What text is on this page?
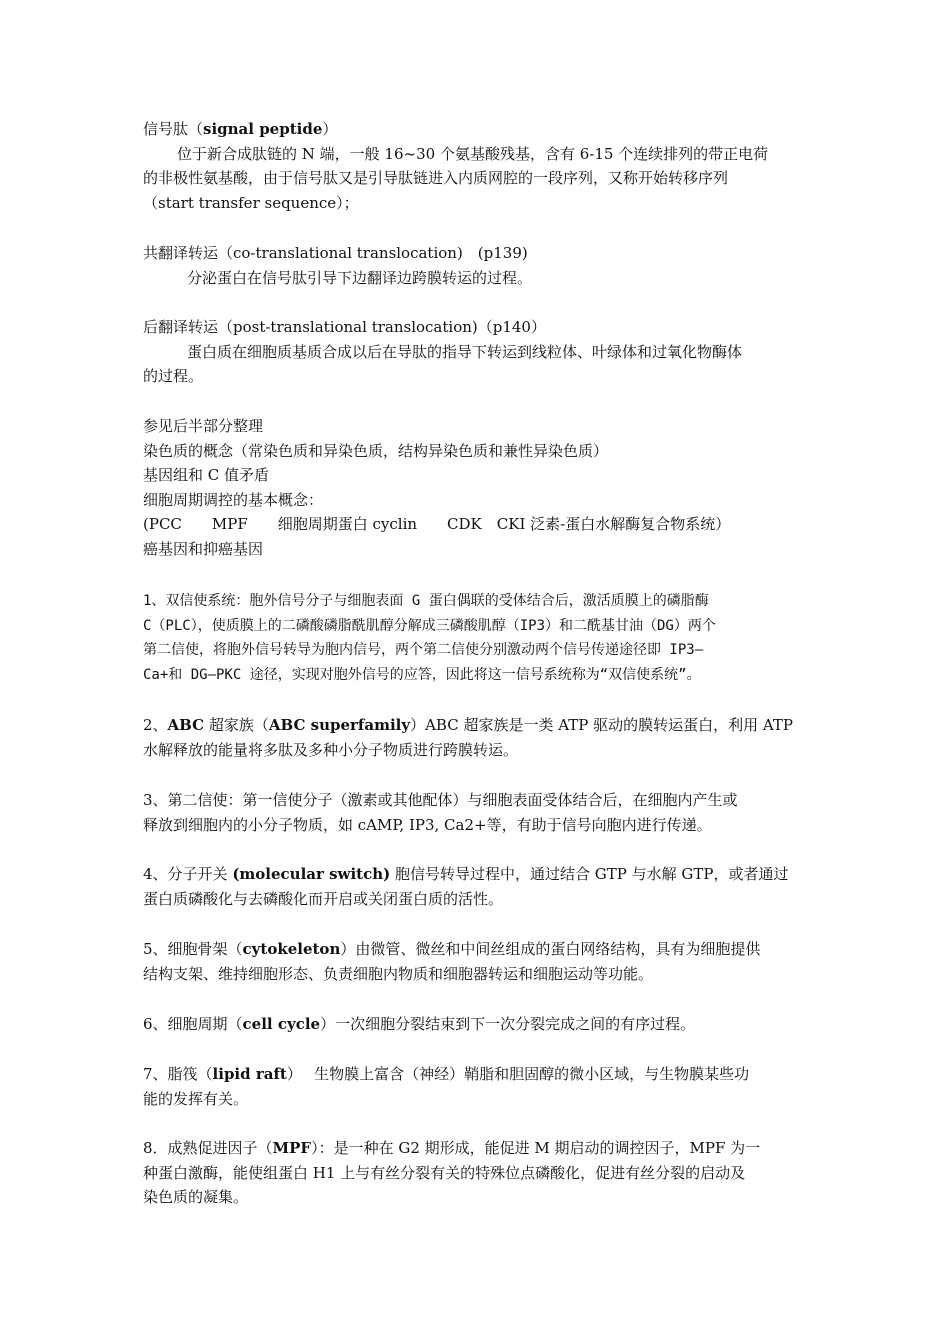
信号肽（signal peptide）
位于新合成肽链的 N 端，一般 16~30 个氨基酸残基，含有 6-15 个连续排列的带正电荷
的非极性氨基酸，由于信号肽又是引导肽链进入内质网腔的一段序列，又称开始转移序列
（start transfer sequence）；
共翻译转运（co-translational translocation)　(p139)
分泌蛋白在信号肽引导下边翻译边跨膜转运的过程。
后翻译转运（post-translational translocation)（p140）
蛋白质在细胞质基质合成以后在导肽的指导下转运到线粒体、叶绿体和过氧化物酶体
的过程。
参见后半部分整理
染色质的概念（常染色质和异染色质，结构异染色质和兼性异染色质）
基因组和 C 值矛盾
细胞周期调控的基本概念：
(PCC　　MPF　　细胞周期蛋白 cyclin　　CDK　CKI 泛素-蛋白水解酶复合物系统）
癌基因和抑癌基因
1、双信使系统：胞外信号分子与细胞表面 G 蛋白偶联的受体结合后，激活质膜上的磷脂酶
C（PLC），使质膜上的二磷酸磷脂酰肌醇分解成三磷酸肌醇（IP3）和二酰基甘油（DG）两个
第二信使，将胞外信号转导为胞内信号，两个第二信使分别激动两个信号传递途径即 IP3—
Ca+和 DG—PKC 途径，实现对胞外信号的应答，因此将这一信号系统称为“双信使系统”。
2、ABC 超家族（ABC superfamily）ABC 超家族是一类 ATP 驱动的膜转运蛋白，利用 ATP
水解释放的能量将多肽及多种小分子物质进行跨膜转运。
3、第二信使：第一信使分子（激素或其他配体）与细胞表面受体结合后，在细胞内产生或
释放到细胞内的小分子物质，如 cAMP, IP3, Ca2+等，有助于信号向胞内进行传递。
4、分子开关 (molecular switch) 胞信号转导过程中，通过结合 GTP 与水解 GTP，或者通过
蛋白质磷酸化与去磷酸化而开启或关闭蛋白质的活性。
5、细胞骨架（cytokeleton）由微管、微丝和中间丝组成的蛋白网络结构，具有为细胞提供
结构支架、维持细胞形态、负责细胞内物质和细胞器转运和细胞运动等功能。
6、细胞周期（cell cycle）一次细胞分裂结束到下一次分裂完成之间的有序过程。
7、脂筏（lipid raft）　 生物膜上富含（神经）鞘脂和胆固醇的微小区域，与生物膜某些功
能的发挥有关。
8．成熟促进因子（MPF）：是一种在 G2 期形成，能促进 M 期启动的调控因子，MPF 为一
种蛋白激酶，能使组蛋白 H1 上与有丝分裂有关的特殊位点磷酸化，促进有丝分裂的启动及
染色质的凝集。
